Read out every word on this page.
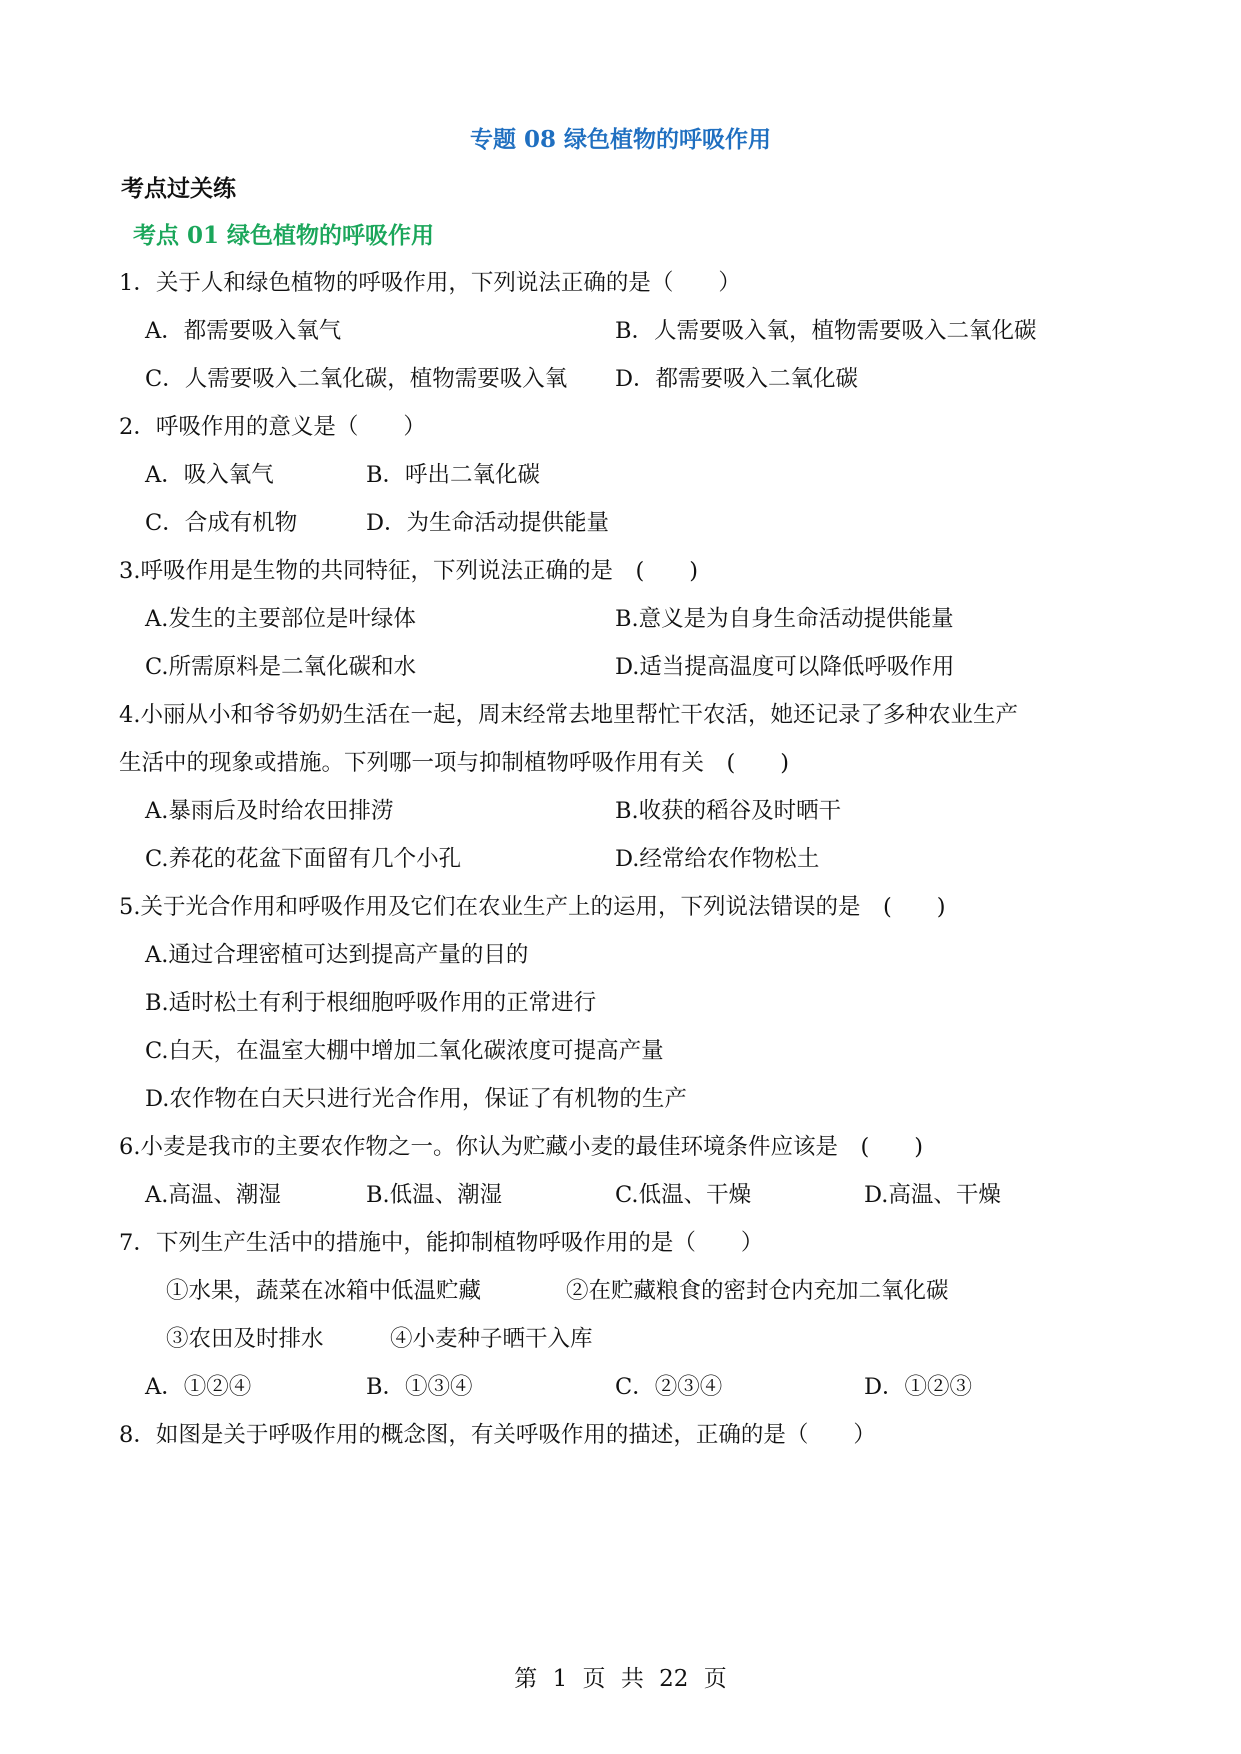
专题 08 绿色植物的呼吸作用
考点过关练
考点 01 绿色植物的呼吸作用
1．关于人和绿色植物的呼吸作用，下列说法正确的是（　　）
A．都需要吸入氧气	B．人需要吸入氧，植物需要吸入二氧化碳
C．人需要吸入二氧化碳，植物需要吸入氧 D．都需要吸入二氧化碳
2．呼吸作用的意义是（　　）
A．吸入氧气	B．呼出二氧化碳
C．合成有机物	D．为生命活动提供能量
3.呼吸作用是生物的共同特征，下列说法正确的是　(　　)
A.发生的主要部位是叶绿体	B.意义是为自身生命活动提供能量
C.所需原料是二氧化碳和水	D.适当提高温度可以降低呼吸作用
4.小丽从小和爷爷奶奶生活在一起，周末经常去地里帮忙干农活，她还记录了多种农业生产
生活中的现象或措施。下列哪一项与抑制植物呼吸作用有关　(　　)
A.暴雨后及时给农田排涝	B.收获的稻谷及时晒干
C.养花的花盆下面留有几个小孔	D.经常给农作物松土
5.关于光合作用和呼吸作用及它们在农业生产上的运用，下列说法错误的是　(　　)
A.通过合理密植可达到提高产量的目的
B.适时松土有利于根细胞呼吸作用的正常进行
C.白天，在温室大棚中增加二氧化碳浓度可提高产量
D.农作物在白天只进行光合作用，保证了有机物的生产
6.小麦是我市的主要农作物之一。你认为贮藏小麦的最佳环境条件应该是　(　　)
A.高温、潮湿	B.低温、潮湿	C.低温、干燥	D.高温、干燥
7．下列生产生活中的措施中，能抑制植物呼吸作用的是（　　）
①水果，蔬菜在冰箱中低温贮藏	②在贮藏粮食的密封仓内充加二氧化碳
③农田及时排水	④小麦种子晒干入库
A．①②④	B．①③④	C．②③④	D．①②③
8．如图是关于呼吸作用的概念图，有关呼吸作用的描述，正确的是（　　）
第 1 页 共 22 页
